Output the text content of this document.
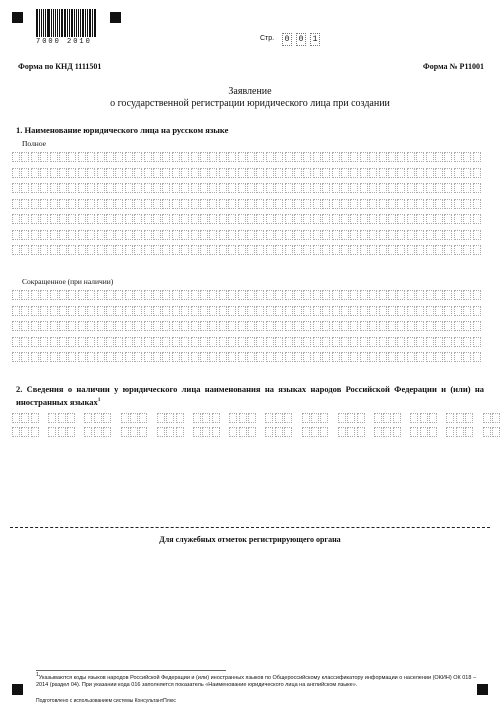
7000 2010	Стр.	0	0	1
Форма по КНД 1111501	Форма № Р11001
Заявление
о государственной регистрации юридического лица при создании
1. Наименование юридического лица на русском языке
Полное
Сокращенное (при наличии)
2. Сведения о наличии у юридического лица наименования на языках народов Российской Федерации и (или) на иностранных языках$^1$
Для служебных отметок регистрирующего органа
$^1$Указываются коды языков народов Российской Федерации и (или) иностранных языков по Общероссийскому классификатору информации о населении (ОКИН) ОК 018 – 2014 (раздел 04). При указании кода 016 заполняется показатель «Наименование юридического лица на английском языке».
Подготовлено с использованием системы КонсультантПлюс
